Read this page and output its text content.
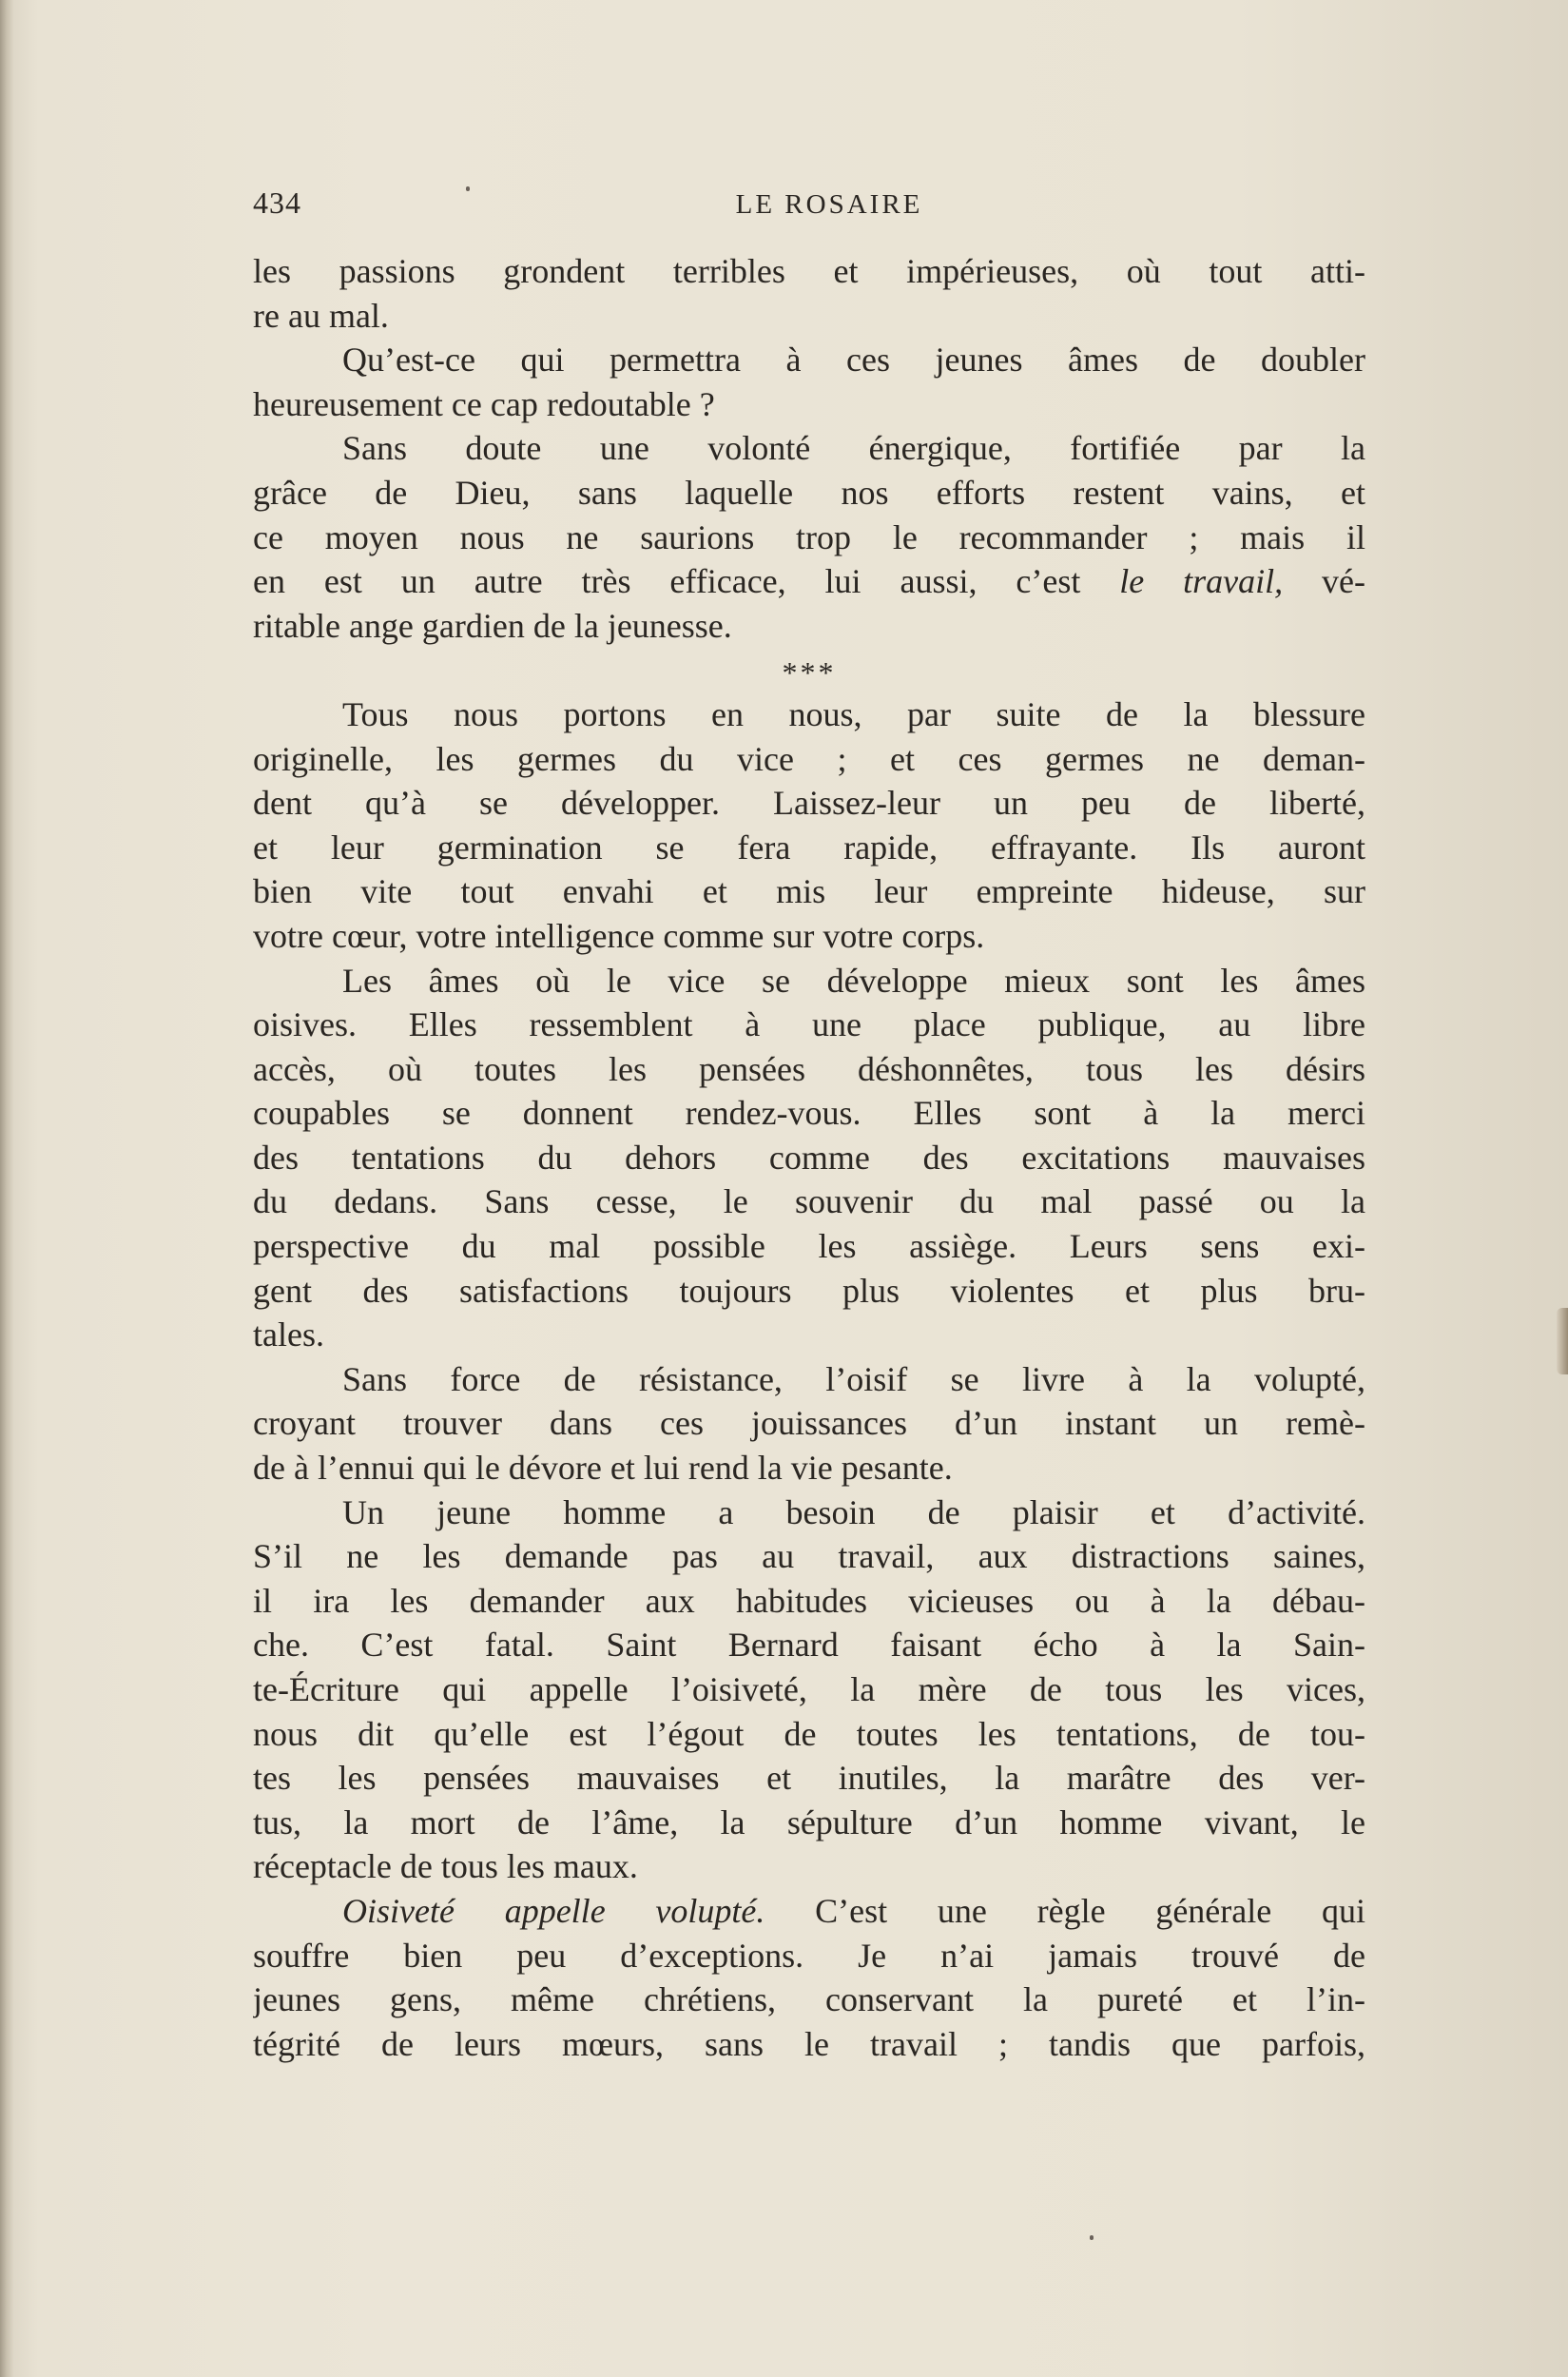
434	LE ROSAIRE
les passions grondent terribles et impérieuses, où tout atti-
re au mal.
Qu’est-ce qui permettra à ces jeunes âmes de doubler
heureusement ce cap redoutable ?
Sans doute une volonté énergique, fortifiée par la
grâce de Dieu, sans laquelle nos efforts restent vains, et
ce moyen nous ne saurions trop le recommander ; mais il
en est un autre très efficace, lui aussi, c’est le travail, vé-
ritable ange gardien de la jeunesse.
***
Tous nous portons en nous, par suite de la blessure
originelle, les germes du vice ; et ces germes ne deman-
dent qu’à se développer. Laissez-leur un peu de liberté,
et leur germination se fera rapide, effrayante. Ils auront
bien vite tout envahi et mis leur empreinte hideuse, sur
votre cœur, votre intelligence comme sur votre corps.
Les âmes où le vice se développe mieux sont les âmes
oisives. Elles ressemblent à une place publique, au libre
accès, où toutes les pensées déshonnêtes, tous les désirs
coupables se donnent rendez-vous. Elles sont à la merci
des tentations du dehors comme des excitations mauvaises
du dedans. Sans cesse, le souvenir du mal passé ou la
perspective du mal possible les assiège. Leurs sens exi-
gent des satisfactions toujours plus violentes et plus bru-
tales.
Sans force de résistance, l’oisif se livre à la volupté,
croyant trouver dans ces jouissances d’un instant un remè-
de à l’ennui qui le dévore et lui rend la vie pesante.
Un jeune homme a besoin de plaisir et d’activité.
S’il ne les demande pas au travail, aux distractions saines,
il ira les demander aux habitudes vicieuses ou à la débau-
che. C’est fatal. Saint Bernard faisant écho à la Sain-
te-Écriture qui appelle l’oisiveté, la mère de tous les vices,
nous dit qu’elle est l’égout de toutes les tentations, de tou-
tes les pensées mauvaises et inutiles, la marâtre des ver-
tus, la mort de l’âme, la sépulture d’un homme vivant, le
réceptacle de tous les maux.
Oisiveté appelle volupté. C’est une règle générale qui
souffre bien peu d’exceptions. Je n’ai jamais trouvé de
jeunes gens, même chrétiens, conservant la pureté et l’in-
tégrité de leurs mœurs, sans le travail ; tandis que parfois,
